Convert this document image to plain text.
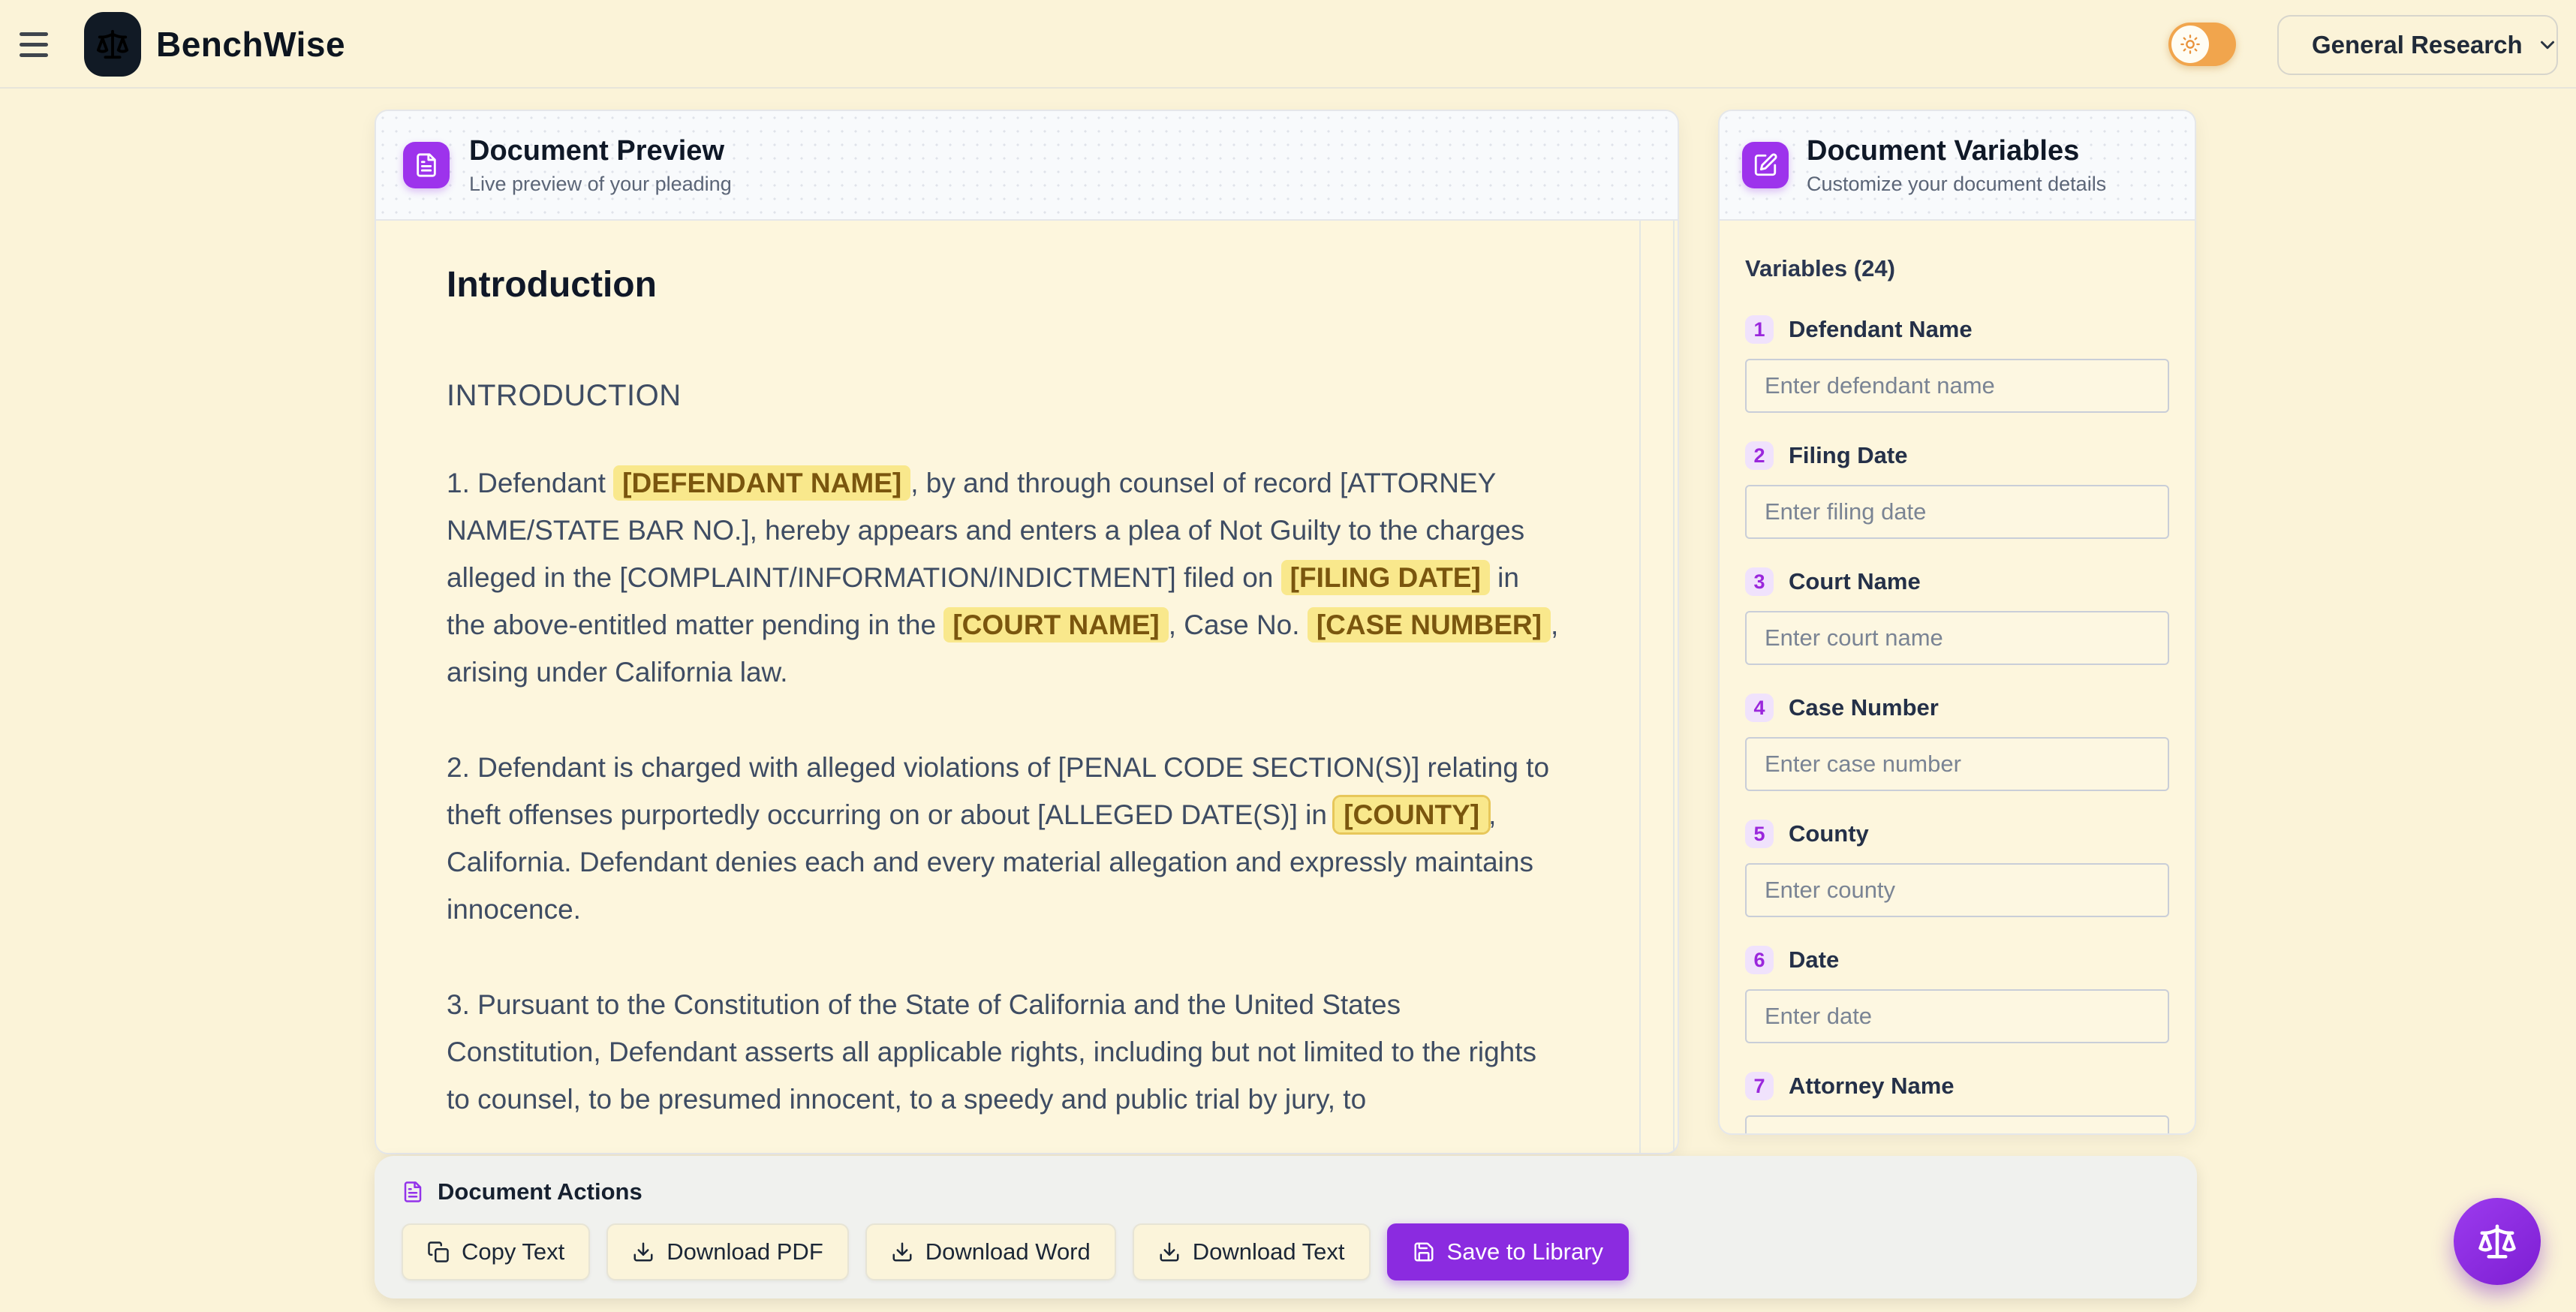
BenchWise	General Research
Document Preview
Live preview of your pleading
Introduction
INTRODUCTION

1. Defendant [DEFENDANT NAME] , by and through counsel of record [ATTORNEY NAME/STATE BAR NO.], hereby appears and enters a plea of Not Guilty to the charges alleged in the [COMPLAINT/INFORMATION/INDICTMENT] filed on [FILING DATE] in the above-entitled matter pending in the [COURT NAME] , Case No. [CASE NUMBER] , arising under California law.

2. Defendant is charged with alleged violations of [PENAL CODE SECTION(S)] relating to theft offenses purportedly occurring on or about [ALLEGED DATE(S)] in [COUNTY] , California. Defendant denies each and every material allegation and expressly maintains innocence.

3. Pursuant to the Constitution of the State of California and the United States Constitution, Defendant asserts all applicable rights, including but not limited to the rights to counsel, to be presumed innocent, to a speedy and public trial by jury, to

Document Variables
Customize your document details
Variables (24)
1	Defendant Name
Enter defendant name
2	Filing Date
Enter filing date
3	Court Name
Enter court name
4	Case Number
Enter case number
5	County
Enter county
6	Date
Enter date
7	Attorney Name
Enter attorney name
Document Actions
Copy Text	Download PDF	Download Word	Download Text	Save to Library
